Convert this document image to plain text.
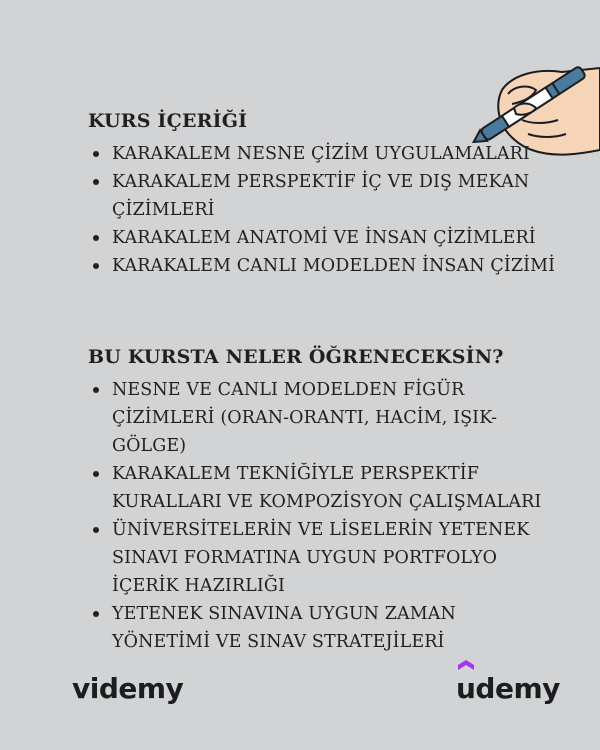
KURS İÇERİĞİ
KARAKALEM NESNE ÇİZİM UYGULAMALARI
KARAKALEM PERSPEKTİF İÇ VE DIŞ MEKAN ÇİZİMLERİ
KARAKALEM ANATOMİ VE İNSAN ÇİZİMLERİ
KARAKALEM CANLI MODELDEN İNSAN ÇİZİMİ
BU KURSTA NELER ÖĞRENECEKSİN?
NESNE VE CANLI MODELDEN FİGÜR ÇİZİMLERİ (ORAN-ORANTI, HACİM, IŞIK-GÖLGE)
KARAKALEM TEKNİĞİYLE PERSPEKTİF KURALLARI VE KOMPOZİSYON ÇALIŞMALARI
ÜNİVERSİTELERİN VE LİSELERİN YETENEK SINAVI FORMATINA UYGUN PORTFOLYO İÇERİK HAZIRLIĞI
YETENEK SINAVINA UYGUN ZAMAN YÖNETİMİ VE SINAV STRATEJİLERİ
videmy	udemy
